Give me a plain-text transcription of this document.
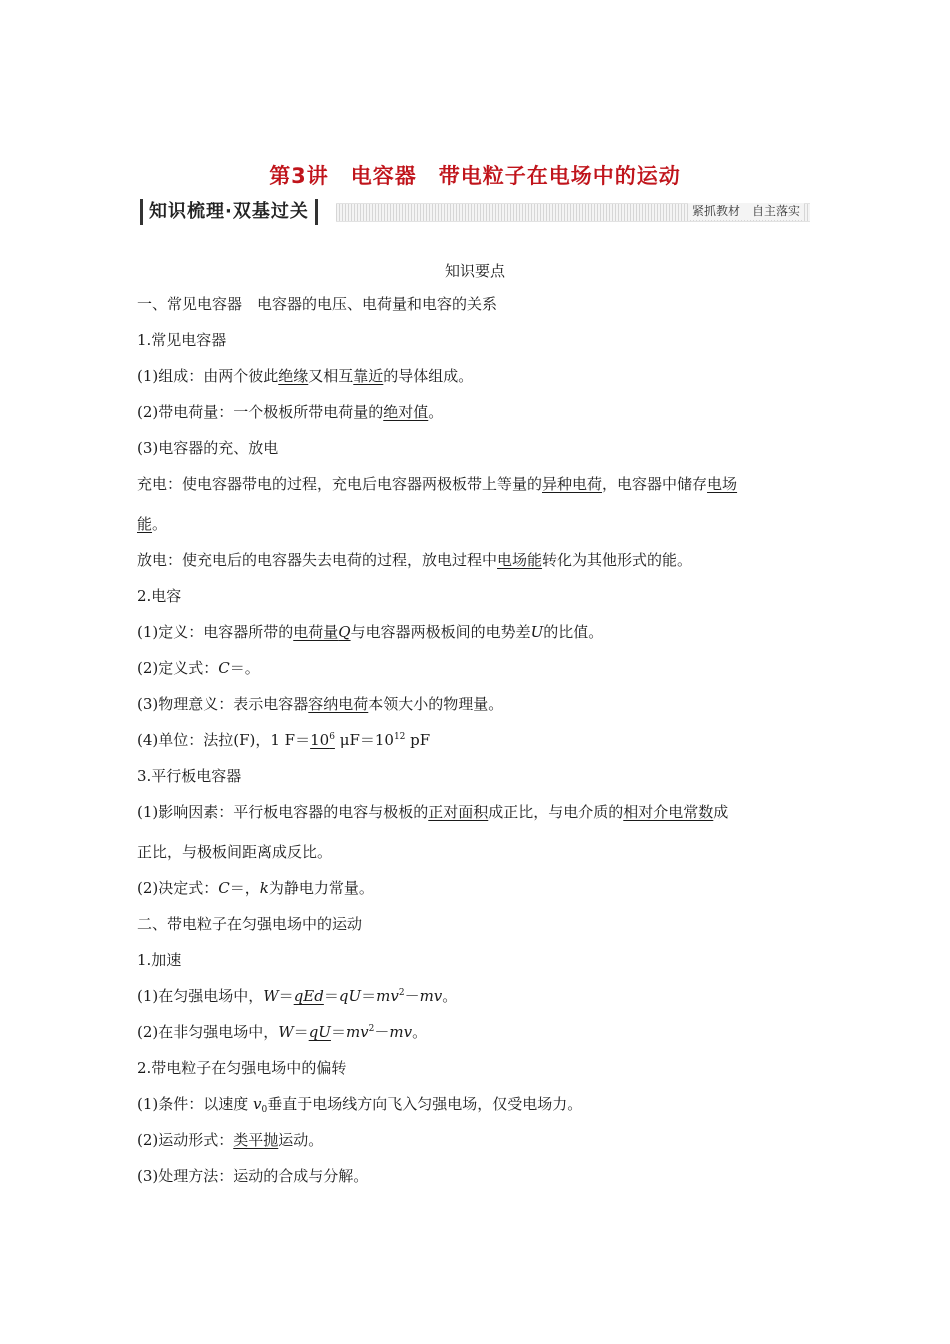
第3讲　电容器　带电粒子在电场中的运动
知识梳理·双基过关	紧抓教材　自主落实
知识要点
一、常见电容器　电容器的电压、电荷量和电容的关系
1.常见电容器
(1)组成：由两个彼此绝缘又相互靠近的导体组成。
(2)带电荷量：一个极板所带电荷量的绝对值。
(3)电容器的充、放电
充电：使电容器带电的过程，充电后电容器两极板带上等量的异种电荷，电容器中储存电场
能。
放电：使充电后的电容器失去电荷的过程，放电过程中电场能转化为其他形式的能。
2.电容
(1)定义：电容器所带的电荷量Q与电容器两极板间的电势差U的比值。
(2)定义式：C＝。
(3)物理意义：表示电容器容纳电荷本领大小的物理量。
(4)单位：法拉(F)，1 $F=10^6$ $\mu F=10^{12}$ pF
3.平行板电容器
(1)影响因素：平行板电容器的电容与极板的正对面积成正比，与电介质的相对介电常数成
正比，与极板间距离成反比。
(2)决定式：C＝，k为静电力常量。
二、带电粒子在匀强电场中的运动
1.加速
(1)在匀强电场中，$W=qEd=qU=mv^2-mv$。
(2)在非匀强电场中，$W=qU=mv^2-mv$。
2.带电粒子在匀强电场中的偏转
(1)条件：以速度 $v_0$垂直于电场线方向飞入匀强电场，仅受电场力。
(2)运动形式：类平抛运动。
(3)处理方法：运动的合成与分解。
